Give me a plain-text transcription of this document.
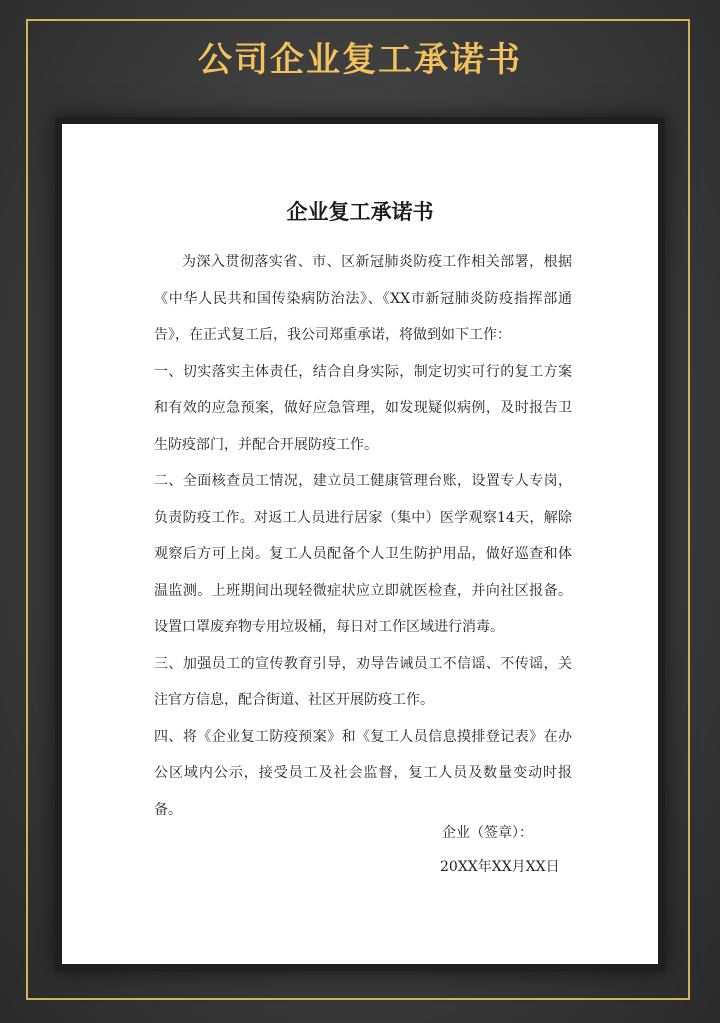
公司企业复工承诺书
企业复工承诺书

为深入贯彻落实省、市、区新冠肺炎防疫工作相关部署，根据《中华人民共和国传染病防治法》、《XX市新冠肺炎防疫指挥部通告》，在正式复工后，我公司郑重承诺，将做到如下工作：

一、切实落实主体责任，结合自身实际，制定切实可行的复工方案和有效的应急预案，做好应急管理，如发现疑似病例，及时报告卫生防疫部门，并配合开展防疫工作。

二、全面核查员工情况，建立员工健康管理台账，设置专人专岗，负责防疫工作。对返工人员进行居家（集中）医学观察14天，解除观察后方可上岗。复工人员配备个人卫生防护用品，做好巡查和体温监测。上班期间出现轻微症状应立即就医检查，并向社区报备。设置口罩废弃物专用垃圾桶，每日对工作区域进行消毒。

三、加强员工的宣传教育引导，劝导告诫员工不信谣、不传谣，关注官方信息，配合街道、社区开展防疫工作。

四、将《企业复工防疫预案》和《复工人员信息摸排登记表》在办公区域内公示，接受员工及社会监督，复工人员及数量变动时报备。

企业（签章）：
20XX年XX月XX日
